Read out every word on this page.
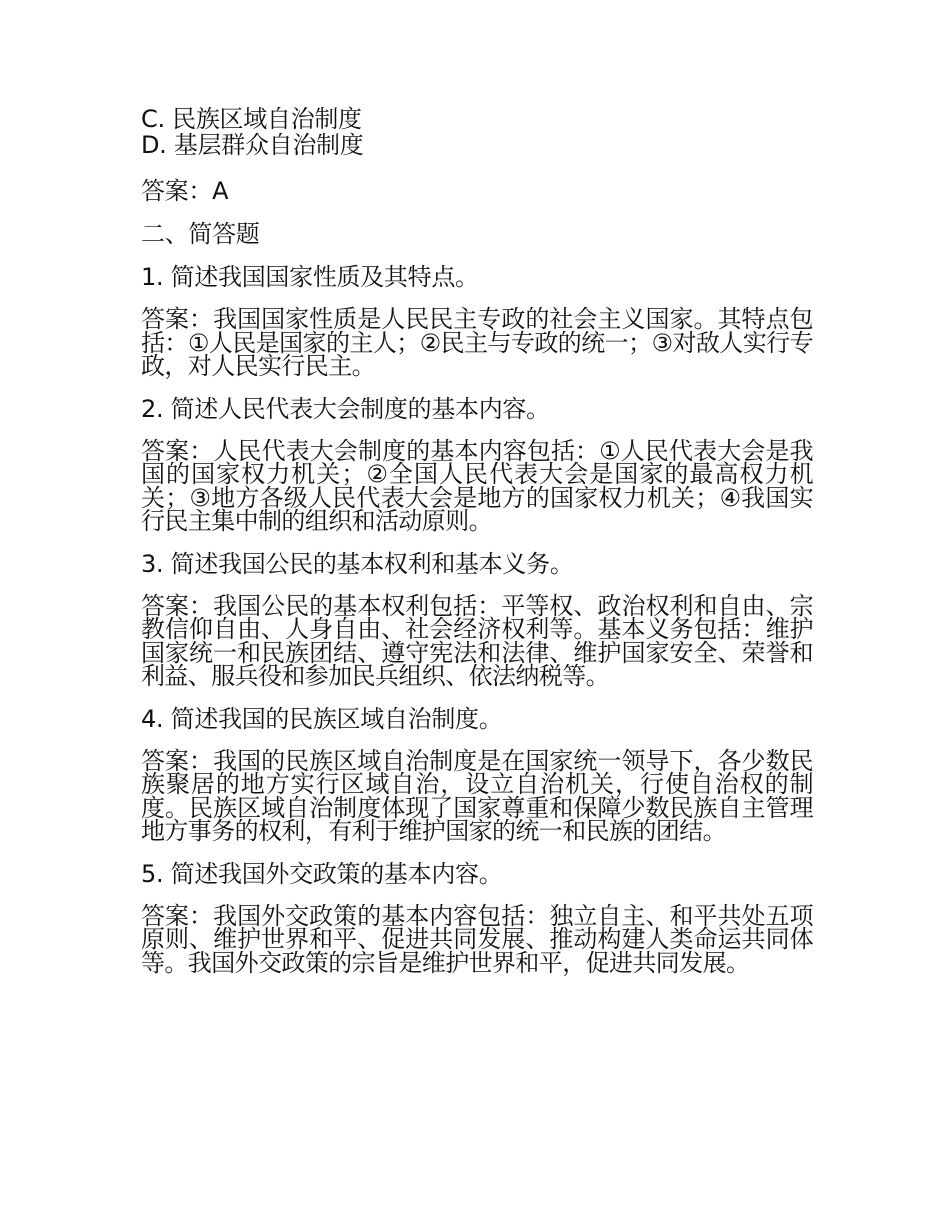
C. 民族区域自治制度
D. 基层群众自治制度
答案：A
二、简答题
1. 简述我国国家性质及其特点。
答案：我国国家性质是人民民主专政的社会主义国家。其特点包括：①人民是国家的主人；②民主与专政的统一；③对敌人实行专政，对人民实行民主。
2. 简述人民代表大会制度的基本内容。
答案：人民代表大会制度的基本内容包括：①人民代表大会是我国的国家权力机关；②全国人民代表大会是国家的最高权力机关；③地方各级人民代表大会是地方的国家权力机关；④我国实行民主集中制的组织和活动原则。
3. 简述我国公民的基本权利和基本义务。
答案：我国公民的基本权利包括：平等权、政治权利和自由、宗教信仰自由、人身自由、社会经济权利等。基本义务包括：维护国家统一和民族团结、遵守宪法和法律、维护国家安全、荣誉和利益、服兵役和参加民兵组织、依法纳税等。
4. 简述我国的民族区域自治制度。
答案：我国的民族区域自治制度是在国家统一领导下，各少数民族聚居的地方实行区域自治，设立自治机关，行使自治权的制度。民族区域自治制度体现了国家尊重和保障少数民族自主管理地方事务的权利，有利于维护国家的统一和民族的团结。
5. 简述我国外交政策的基本内容。
答案：我国外交政策的基本内容包括：独立自主、和平共处五项原则、维护世界和平、促进共同发展、推动构建人类命运共同体等。我国外交政策的宗旨是维护世界和平，促进共同发展。
